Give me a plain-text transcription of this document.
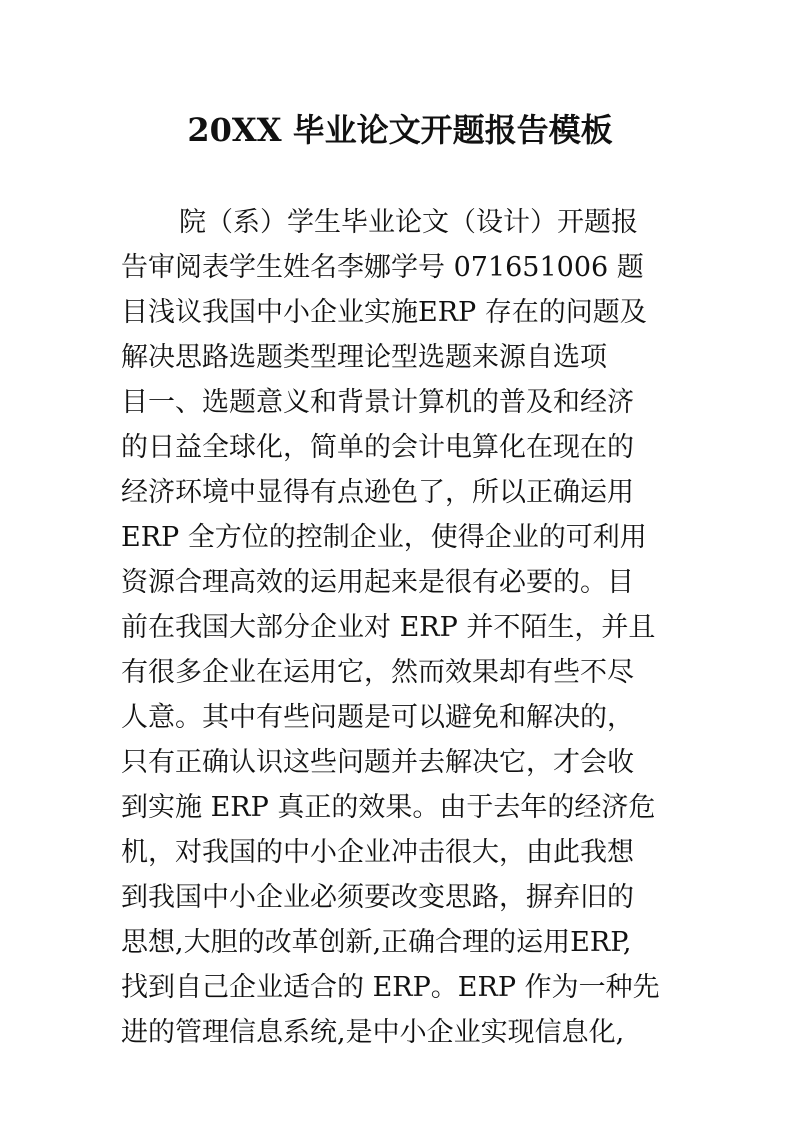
20XX 毕业论文开题报告模板
院（系）学生毕业论文（设计）开题报
告审阅表学生姓名李娜学号 071651006 题
目浅议我国中小企业实施ERP 存在的问题及
解决思路选题类型理论型选题来源自选项
目一、选题意义和背景计算机的普及和经济
的日益全球化，简单的会计电算化在现在的
经济环境中显得有点逊色了，所以正确运用
ERP 全方位的控制企业，使得企业的可利用
资源合理高效的运用起来是很有必要的。目
前在我国大部分企业对 ERP 并不陌生，并且
有很多企业在运用它，然而效果却有些不尽
人意。其中有些问题是可以避免和解决的，
只有正确认识这些问题并去解决它，才会收
到实施 ERP 真正的效果。由于去年的经济危
机，对我国的中小企业冲击很大，由此我想
到我国中小企业必须要改变思路，摒弃旧的
思想,大胆的改革创新,正确合理的运用ERP,
找到自己企业适合的 ERP。ERP 作为一种先
进的管理信息系统,是中小企业实现信息化,
